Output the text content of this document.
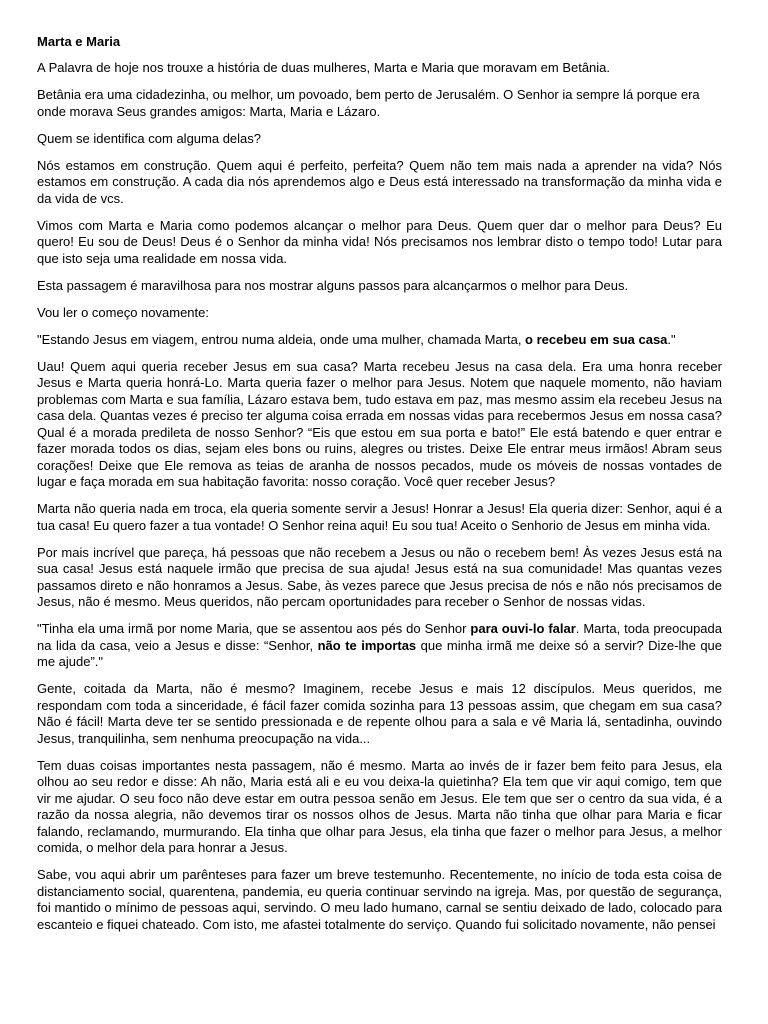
Marta e Maria

A Palavra de hoje nos trouxe a história de duas mulheres, Marta e Maria que moravam em Betânia.

Betânia era uma cidadezinha, ou melhor, um povoado, bem perto de Jerusalém. O Senhor ia sempre lá porque era onde morava Seus grandes amigos: Marta, Maria e Lázaro.

Quem se identifica com alguma delas?

Nós estamos em construção. Quem aqui é perfeito, perfeita? Quem não tem mais nada a aprender na vida? Nós estamos em construção. A cada dia nós aprendemos algo e Deus está interessado na transformação da minha vida e da vida de vcs.

Vimos com Marta e Maria como podemos alcançar o melhor para Deus. Quem quer dar o melhor para Deus? Eu quero! Eu sou de Deus! Deus é o Senhor da minha vida! Nós precisamos nos lembrar disto o tempo todo! Lutar para que isto seja uma realidade em nossa vida.

Esta passagem é maravilhosa para nos mostrar alguns passos para alcançarmos o melhor para Deus.

Vou ler o começo novamente:

"Estando Jesus em viagem, entrou numa aldeia, onde uma mulher, chamada Marta, o recebeu em sua casa."

Uau! Quem aqui queria receber Jesus em sua casa? Marta recebeu Jesus na casa dela. Era uma honra receber Jesus e Marta queria honrá-Lo. Marta queria fazer o melhor para Jesus. Notem que naquele momento, não haviam problemas com Marta e sua família, Lázaro estava bem, tudo estava em paz, mas mesmo assim ela recebeu Jesus na casa dela. Quantas vezes é preciso ter alguma coisa errada em nossas vidas para recebermos Jesus em nossa casa? Qual é a morada predileta de nosso Senhor? “Eis que estou em sua porta e bato!” Ele está batendo e quer entrar e fazer morada todos os dias, sejam eles bons ou ruins, alegres ou tristes. Deixe Ele entrar meus irmãos! Abram seus corações! Deixe que Ele remova as teias de aranha de nossos pecados, mude os móveis de nossas vontades de lugar e faça morada em sua habitação favorita: nosso coração. Você quer receber Jesus?

Marta não queria nada em troca, ela queria somente servir a Jesus! Honrar a Jesus! Ela queria dizer: Senhor, aqui é a tua casa! Eu quero fazer a tua vontade! O Senhor reina aqui! Eu sou tua! Aceito o Senhorio de Jesus em minha vida.

Por mais incrível que pareça, há pessoas que não recebem a Jesus ou não o recebem bem! Às vezes Jesus está na sua casa! Jesus está naquele irmão que precisa de sua ajuda! Jesus está na sua comunidade! Mas quantas vezes passamos direto e não honramos a Jesus. Sabe, às vezes parece que Jesus precisa de nós e não nós precisamos de Jesus, não é mesmo. Meus queridos, não percam oportunidades para receber o Senhor de nossas vidas.

"Tinha ela uma irmã por nome Maria, que se assentou aos pés do Senhor para ouvi-lo falar. Marta, toda preocupada na lida da casa, veio a Jesus e disse: “Senhor, não te importas que minha irmã me deixe só a servir? Dize-lhe que me ajude”."

Gente, coitada da Marta, não é mesmo? Imaginem, recebe Jesus e mais 12 discípulos. Meus queridos, me respondam com toda a sinceridade, é fácil fazer comida sozinha para 13 pessoas assim, que chegam em sua casa? Não é fácil! Marta deve ter se sentido pressionada e de repente olhou para a sala e vê Maria lá, sentadinha, ouvindo Jesus, tranquilinha, sem nenhuma preocupação na vida...

Tem duas coisas importantes nesta passagem, não é mesmo. Marta ao invés de ir fazer bem feito para Jesus, ela olhou ao seu redor e disse: Ah não, Maria está ali e eu vou deixa-la quietinha? Ela tem que vir aqui comigo, tem que vir me ajudar. O seu foco não deve estar em outra pessoa senão em Jesus. Ele tem que ser o centro da sua vida, é a razão da nossa alegria, não devemos tirar os nossos olhos de Jesus. Marta não tinha que olhar para Maria e ficar falando, reclamando, murmurando. Ela tinha que olhar para Jesus, ela tinha que fazer o melhor para Jesus, a melhor comida, o melhor dela para honrar a Jesus.

Sabe, vou aqui abrir um parênteses para fazer um breve testemunho. Recentemente, no início de toda esta coisa de distanciamento social, quarentena, pandemia, eu queria continuar servindo na igreja. Mas, por questão de segurança, foi mantido o mínimo de pessoas aqui, servindo. O meu lado humano, carnal se sentiu deixado de lado, colocado para escanteio e fiquei chateado. Com isto, me afastei totalmente do serviço. Quando fui solicitado novamente, não pensei
